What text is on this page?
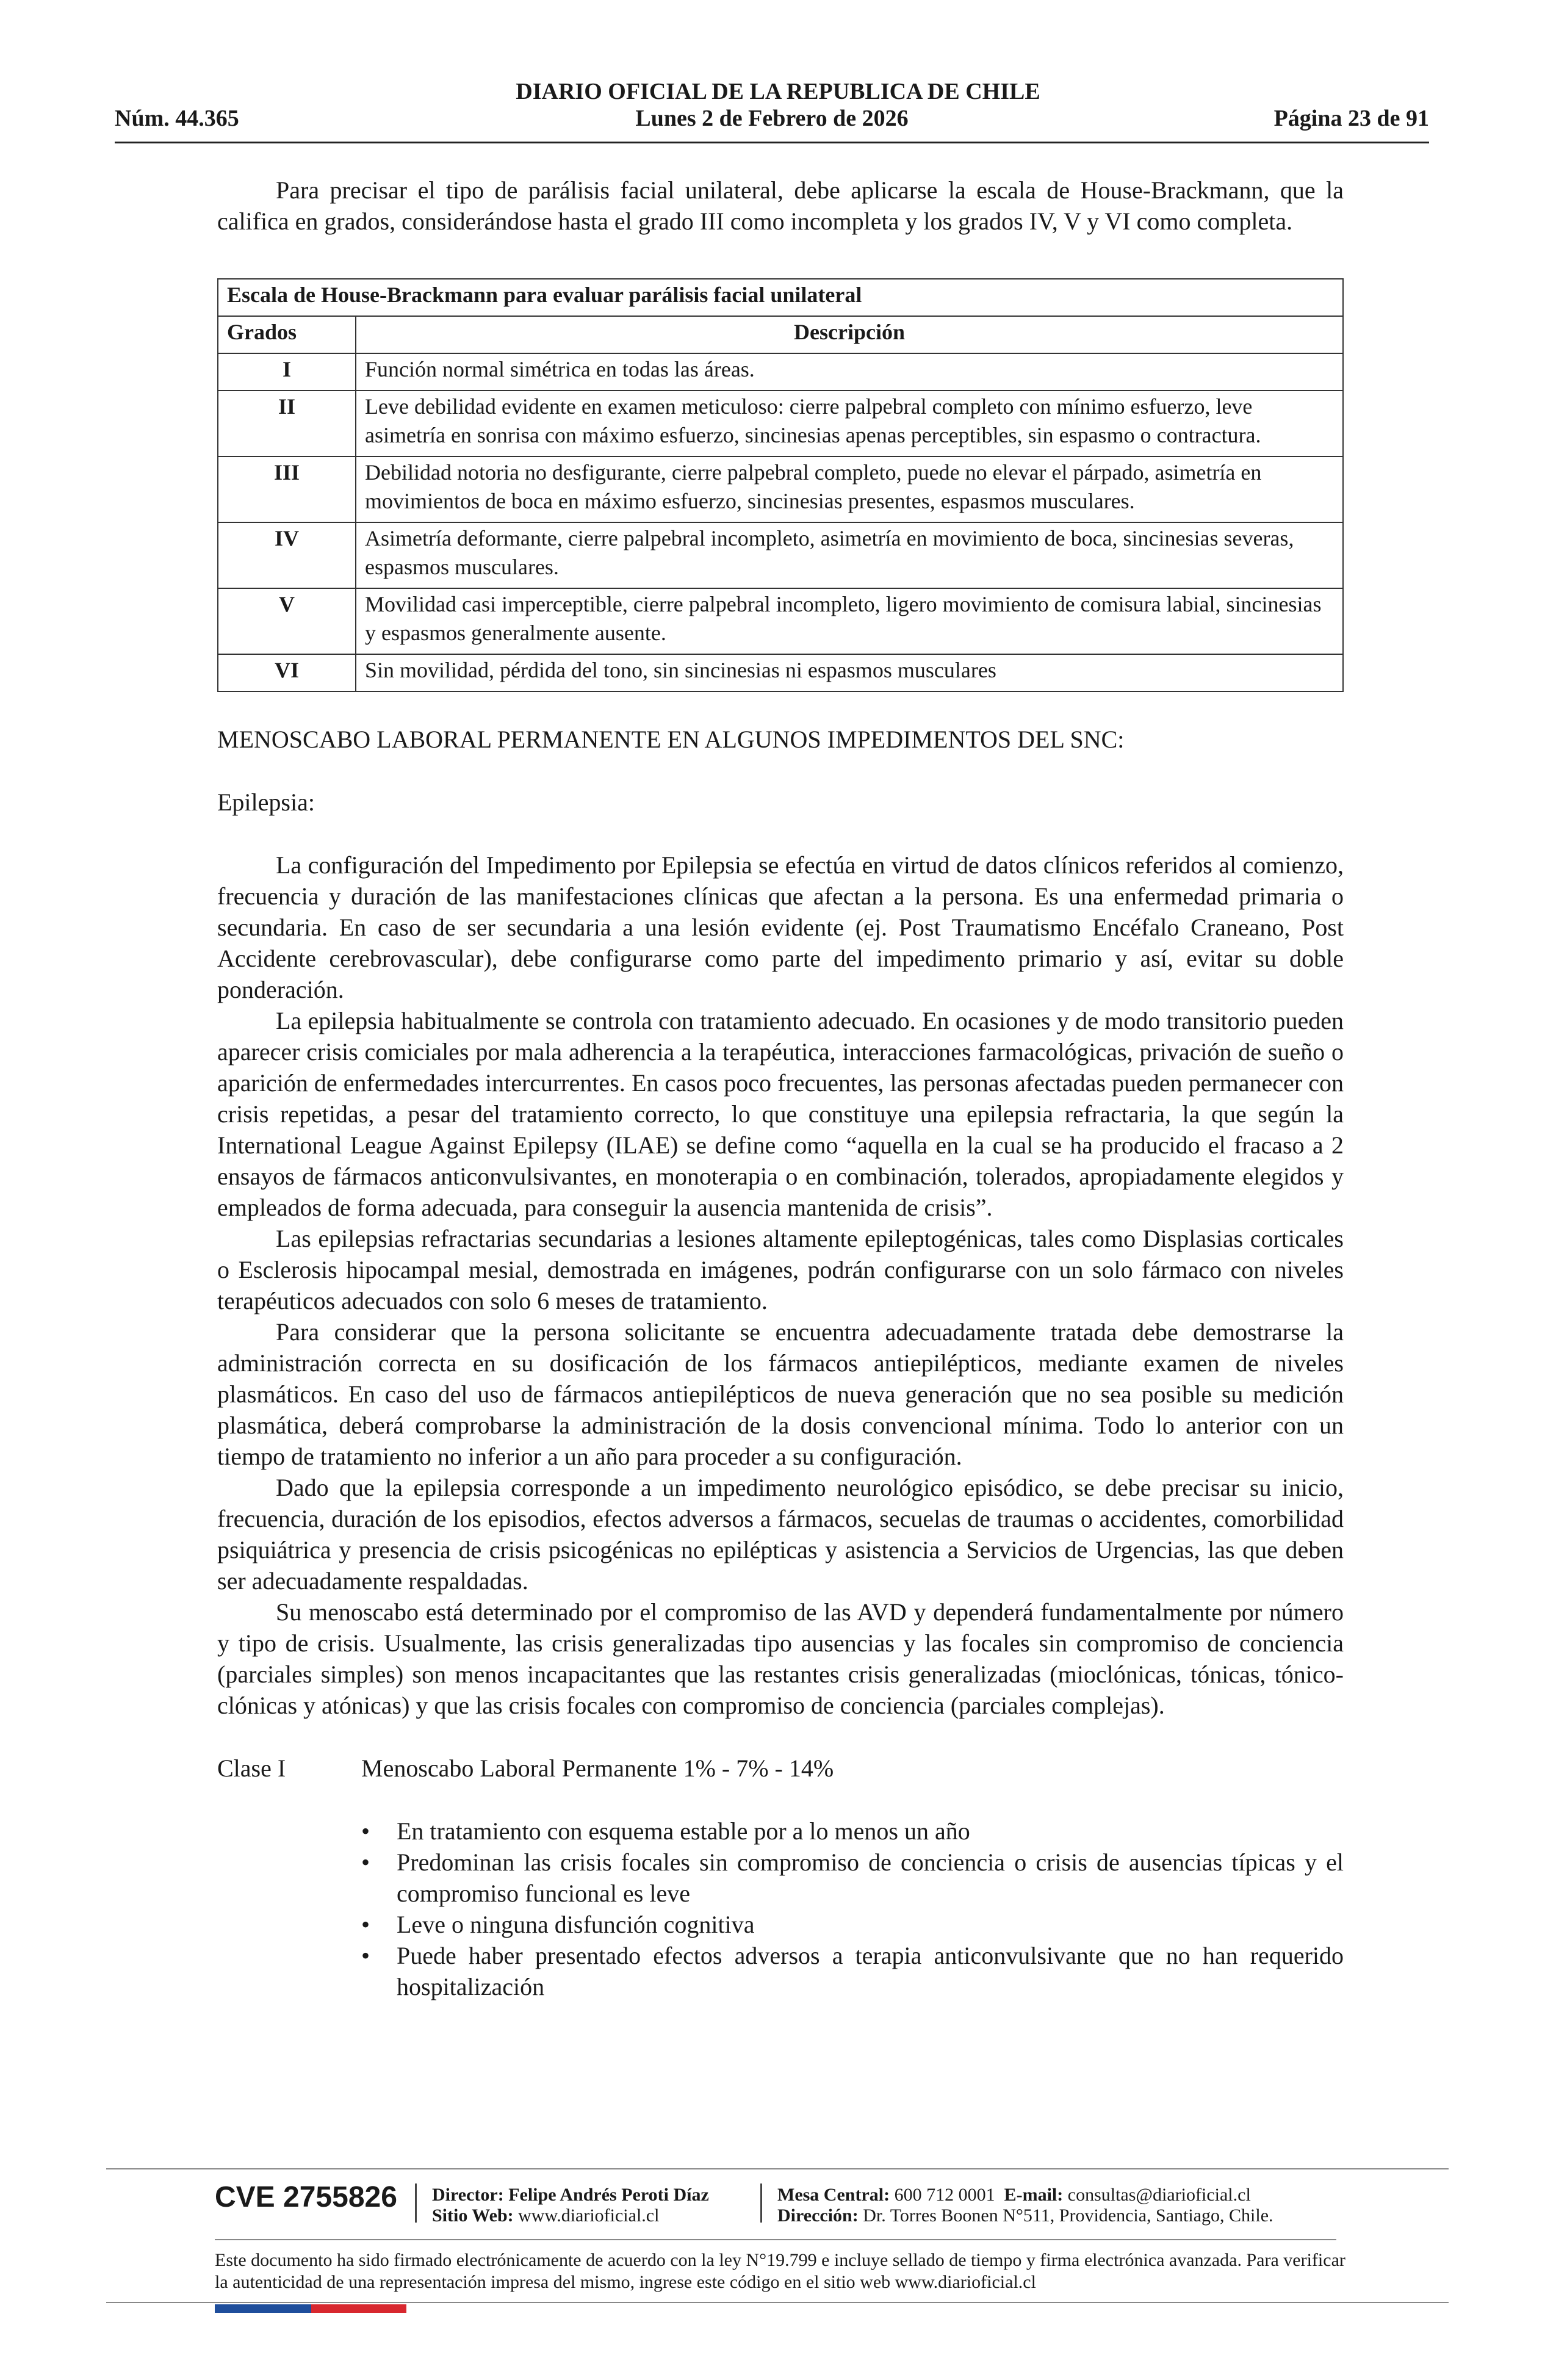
DIARIO OFICIAL DE LA REPUBLICA DE CHILE
Núm. 44.365	Lunes 2 de Febrero de 2026	Página 23 de 91

Para precisar el tipo de parálisis facial unilateral, debe aplicarse la escala de House-Brackmann, que la califica en grados, considerándose hasta el grado III como incompleta y los grados IV, V y VI como completa.

Escala de House-Brackmann para evaluar parálisis facial unilateral	
Grados	Descripción
I	Función normal simétrica en todas las áreas.
II	Leve debilidad evidente en examen meticuloso: cierre palpebral completo con mínimo esfuerzo, leve asimetría en sonrisa con máximo esfuerzo, sincinesias apenas perceptibles, sin espasmo o contractura.
III	Debilidad notoria no desfigurante, cierre palpebral completo, puede no elevar el párpado, asimetría en movimientos de boca en máximo esfuerzo, sincinesias presentes, espasmos musculares.
IV	Asimetría deformante, cierre palpebral incompleto, asimetría en movimiento de boca, sincinesias severas, espasmos musculares.
V	Movilidad casi imperceptible, cierre palpebral incompleto, ligero movimiento de comisura labial, sincinesias y espasmos generalmente ausente.
VI	Sin movilidad, pérdida del tono, sin sincinesias ni espasmos musculares

MENOSCABO LABORAL PERMANENTE EN ALGUNOS IMPEDIMENTOS DEL SNC:

Epilepsia:

La configuración del Impedimento por Epilepsia se efectúa en virtud de datos clínicos referidos al comienzo, frecuencia y duración de las manifestaciones clínicas que afectan a la persona. Es una enfermedad primaria o secundaria. En caso de ser secundaria a una lesión evidente (ej. Post Traumatismo Encéfalo Craneano, Post Accidente cerebrovascular), debe configurarse como parte del impedimento primario y así, evitar su doble ponderación.

La epilepsia habitualmente se controla con tratamiento adecuado. En ocasiones y de modo transitorio pueden aparecer crisis comiciales por mala adherencia a la terapéutica, interacciones farmacológicas, privación de sueño o aparición de enfermedades intercurrentes. En casos poco frecuentes, las personas afectadas pueden permanecer con crisis repetidas, a pesar del tratamiento correcto, lo que constituye una epilepsia refractaria, la que según la International League Against Epilepsy (ILAE) se define como “aquella en la cual se ha producido el fracaso a 2 ensayos de fármacos anticonvulsivantes, en monoterapia o en combinación, tolerados, apropiadamente elegidos y empleados de forma adecuada, para conseguir la ausencia mantenida de crisis”.

Las epilepsias refractarias secundarias a lesiones altamente epileptogénicas, tales como Displasias corticales o Esclerosis hipocampal mesial, demostrada en imágenes, podrán configurarse con un solo fármaco con niveles terapéuticos adecuados con solo 6 meses de tratamiento.

Para considerar que la persona solicitante se encuentra adecuadamente tratada debe demostrarse la administración correcta en su dosificación de los fármacos antiepilépticos, mediante examen de niveles plasmáticos. En caso del uso de fármacos antiepilépticos de nueva generación que no sea posible su medición plasmática, deberá comprobarse la administración de la dosis convencional mínima. Todo lo anterior con un tiempo de tratamiento no inferior a un año para proceder a su configuración.

Dado que la epilepsia corresponde a un impedimento neurológico episódico, se debe precisar su inicio, frecuencia, duración de los episodios, efectos adversos a fármacos, secuelas de traumas o accidentes, comorbilidad psiquiátrica y presencia de crisis psicogénicas no epilépticas y asistencia a Servicios de Urgencias, las que deben ser adecuadamente respaldadas.

Su menoscabo está determinado por el compromiso de las AVD y dependerá fundamentalmente por número y tipo de crisis. Usualmente, las crisis generalizadas tipo ausencias y las focales sin compromiso de conciencia (parciales simples) son menos incapacitantes que las restantes crisis generalizadas (mioclónicas, tónicas, tónico-clónicas y atónicas) y que las crisis focales con compromiso de conciencia (parciales complejas).

Clase I	Menoscabo Laboral Permanente 1% - 7% - 14%
• En tratamiento con esquema estable por a lo menos un año
• Predominan las crisis focales sin compromiso de conciencia o crisis de ausencias típicas y el compromiso funcional es leve
• Leve o ninguna disfunción cognitiva
• Puede haber presentado efectos adversos a terapia anticonvulsivante que no han requerido hospitalización
CVE 2755826 Director: Felipe Andrés Peroti Díaz
Sitio Web: www.diarioficial.cl
Mesa Central: 600 712 0001 E-mail: consultas@diarioficial.cl
Dirección: Dr. Torres Boonen N°511, Providencia, Santiago, Chile.
Este documento ha sido firmado electrónicamente de acuerdo con la ley N°19.799 e incluye sellado de tiempo y firma electrónica avanzada. Para verificar la autenticidad de una representación impresa del mismo, ingrese este código en el sitio web www.diarioficial.cl
